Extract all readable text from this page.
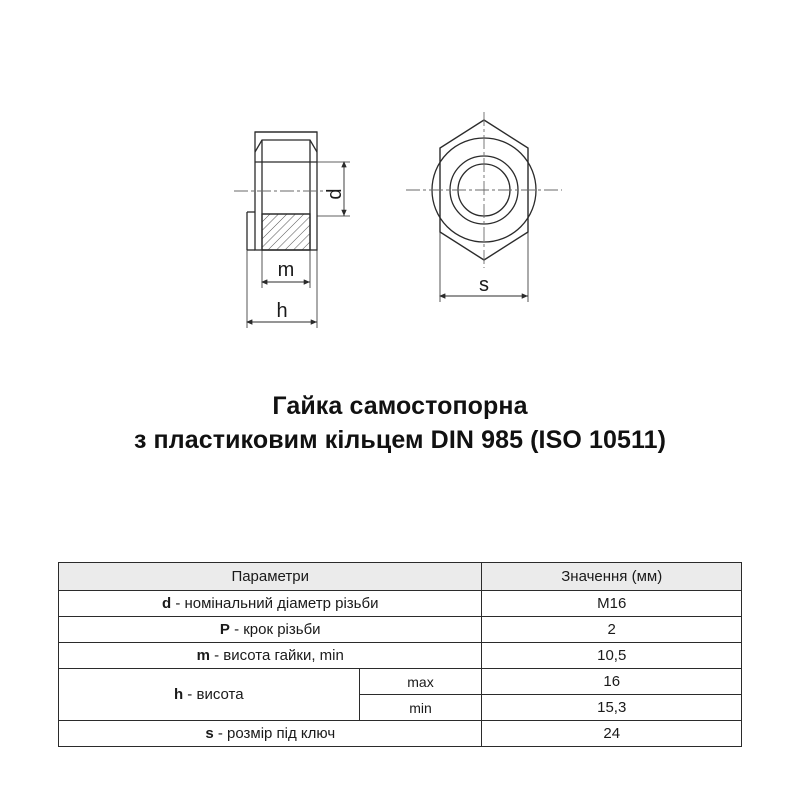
d
m
h
s
Гайка самостопорна
з пластиковим кільцем DIN 985 (ISO 10511)
Параметри		Значення (мм)
d - номінальний діаметр різьби		M16
P - крок різьби		2
m - висота гайки, min		10,5
h - висота	max	16
	min	15,3
s - розмір під ключ		24
